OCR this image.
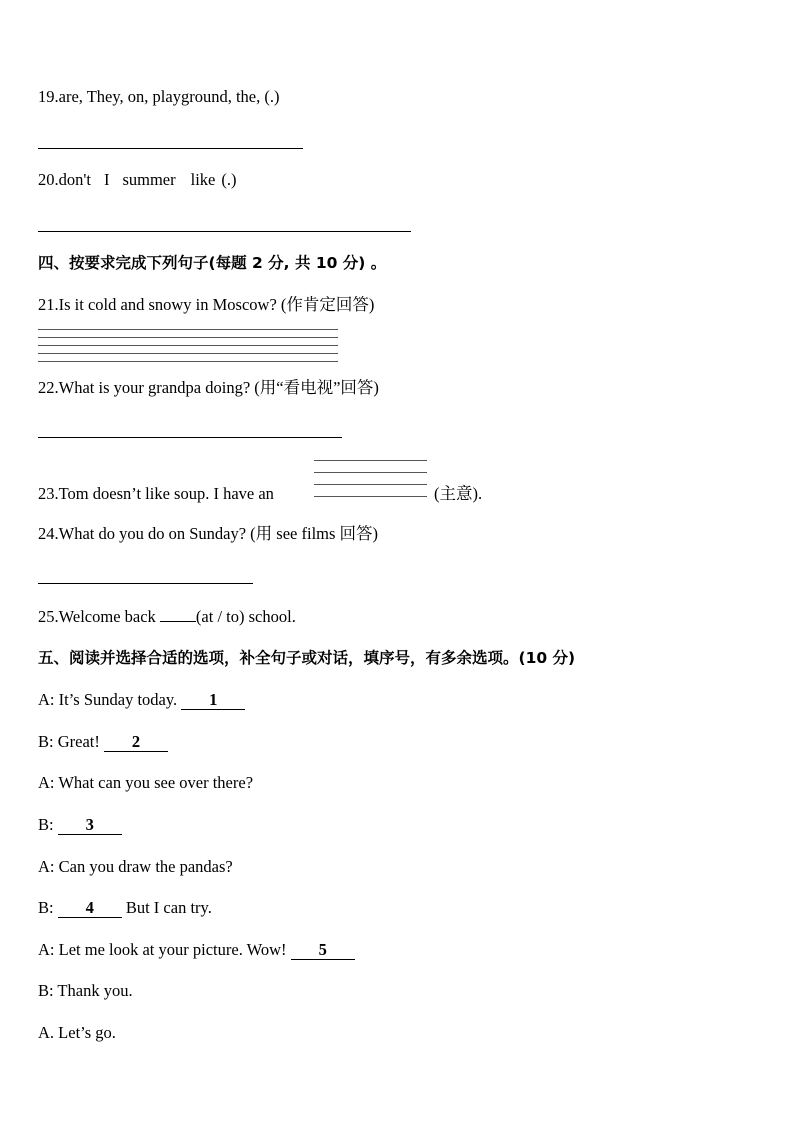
19.are, They, on, playground, the, (.)
20.don't I summer like (.)
四、按要求完成下列句子(每题 2 分, 共 10 分) 。
21.Is it cold and snowy in Moscow? (作肯定回答)
22.What is your grandpa doing? (用“看电视”回答)
23.Tom doesn’t like soup. I have an	(主意).
24.What do you do on Sunday? (用 see films 回答)
25.Welcome back (at / to) school.
五、阅读并选择合适的选项，补全句子或对话，填序号，有多余选项。(10 分)
A: It’s Sunday today. 1
B: Great! 2
A: What can you see over there?
B: 3
A: Can you draw the pandas?
B: 4 But I can try.
A: Let me look at your picture. Wow! 5
B: Thank you.
A. Let’s go.
